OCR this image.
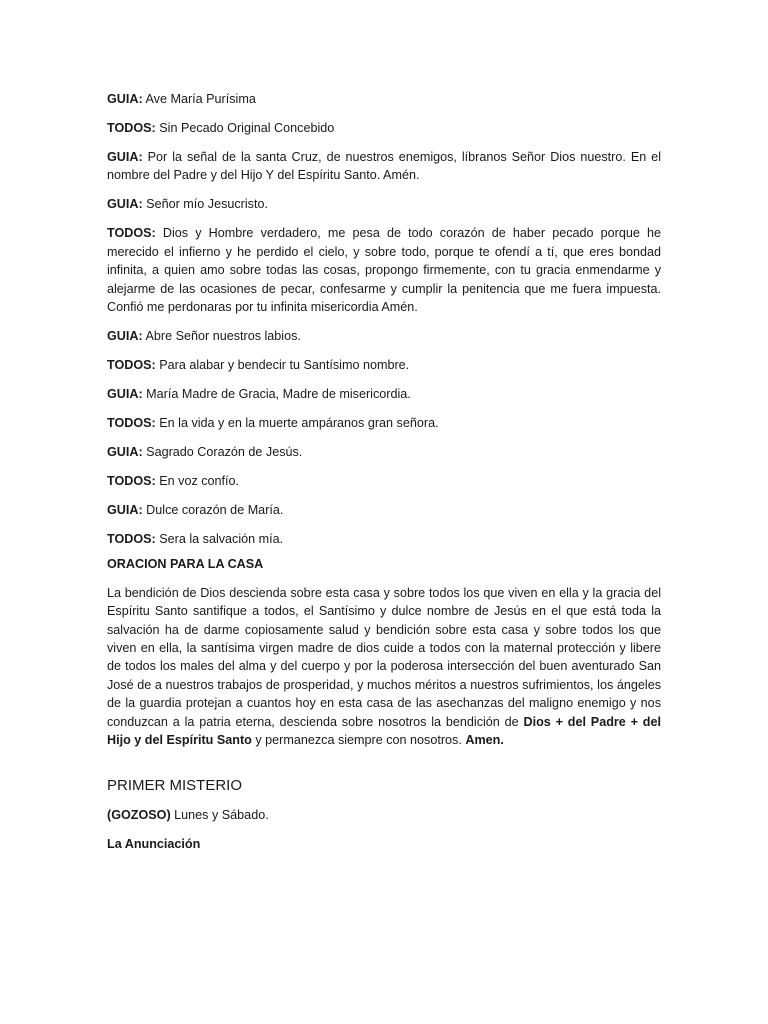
GUIA: Ave María Purísima

TODOS: Sin Pecado Original Concebido

GUIA: Por la señal de la santa Cruz, de nuestros enemigos, líbranos Señor Dios nuestro. En el nombre del Padre y del Hijo Y del Espíritu Santo. Amén.

GUIA: Señor mío Jesucristo.

TODOS: Dios y Hombre verdadero, me pesa de todo corazón de haber pecado porque he merecido el infierno y he perdido el cielo, y sobre todo, porque te ofendí a tí, que eres bondad infinita, a quien amo sobre todas las cosas, propongo firmemente, con tu gracia enmendarme y alejarme de las ocasiones de pecar, confesarme y cumplir la penitencia que me fuera impuesta. Confió me perdonaras por tu infinita misericordia Amén.

GUIA: Abre Señor nuestros labios.

TODOS: Para alabar y bendecir tu Santísimo nombre.

GUIA: María Madre de Gracia, Madre de misericordia.

TODOS: En la vida y en la muerte ampáranos gran señora.

GUIA: Sagrado Corazón de Jesús.

TODOS: En voz confío.

GUIA: Dulce corazón de María.

TODOS: Sera la salvación mía.

ORACION PARA LA CASA

La bendición de Dios descienda sobre esta casa y sobre todos los que viven en ella y la gracia del Espíritu Santo santifique a todos, el Santísimo y dulce nombre de Jesús en el que está toda la salvación ha de darme copiosamente salud y bendición sobre esta casa y sobre todos los que viven en ella, la santísima virgen madre de dios cuide a todos con la maternal protección y libere de todos los males del alma y del cuerpo y por la poderosa intersección del buen aventurado San José de a nuestros trabajos de prosperidad, y muchos méritos a nuestros sufrimientos, los ángeles de la guardia protejan a cuantos hoy en esta casa de las asechanzas del maligno enemigo y nos conduzcan a la patria eterna, descienda sobre nosotros la bendición de Dios + del Padre + del Hijo y del Espíritu Santo y permanezca siempre con nosotros. Amen.

PRIMER MISTERIO

(GOZOSO) Lunes y Sábado.

La Anunciación
